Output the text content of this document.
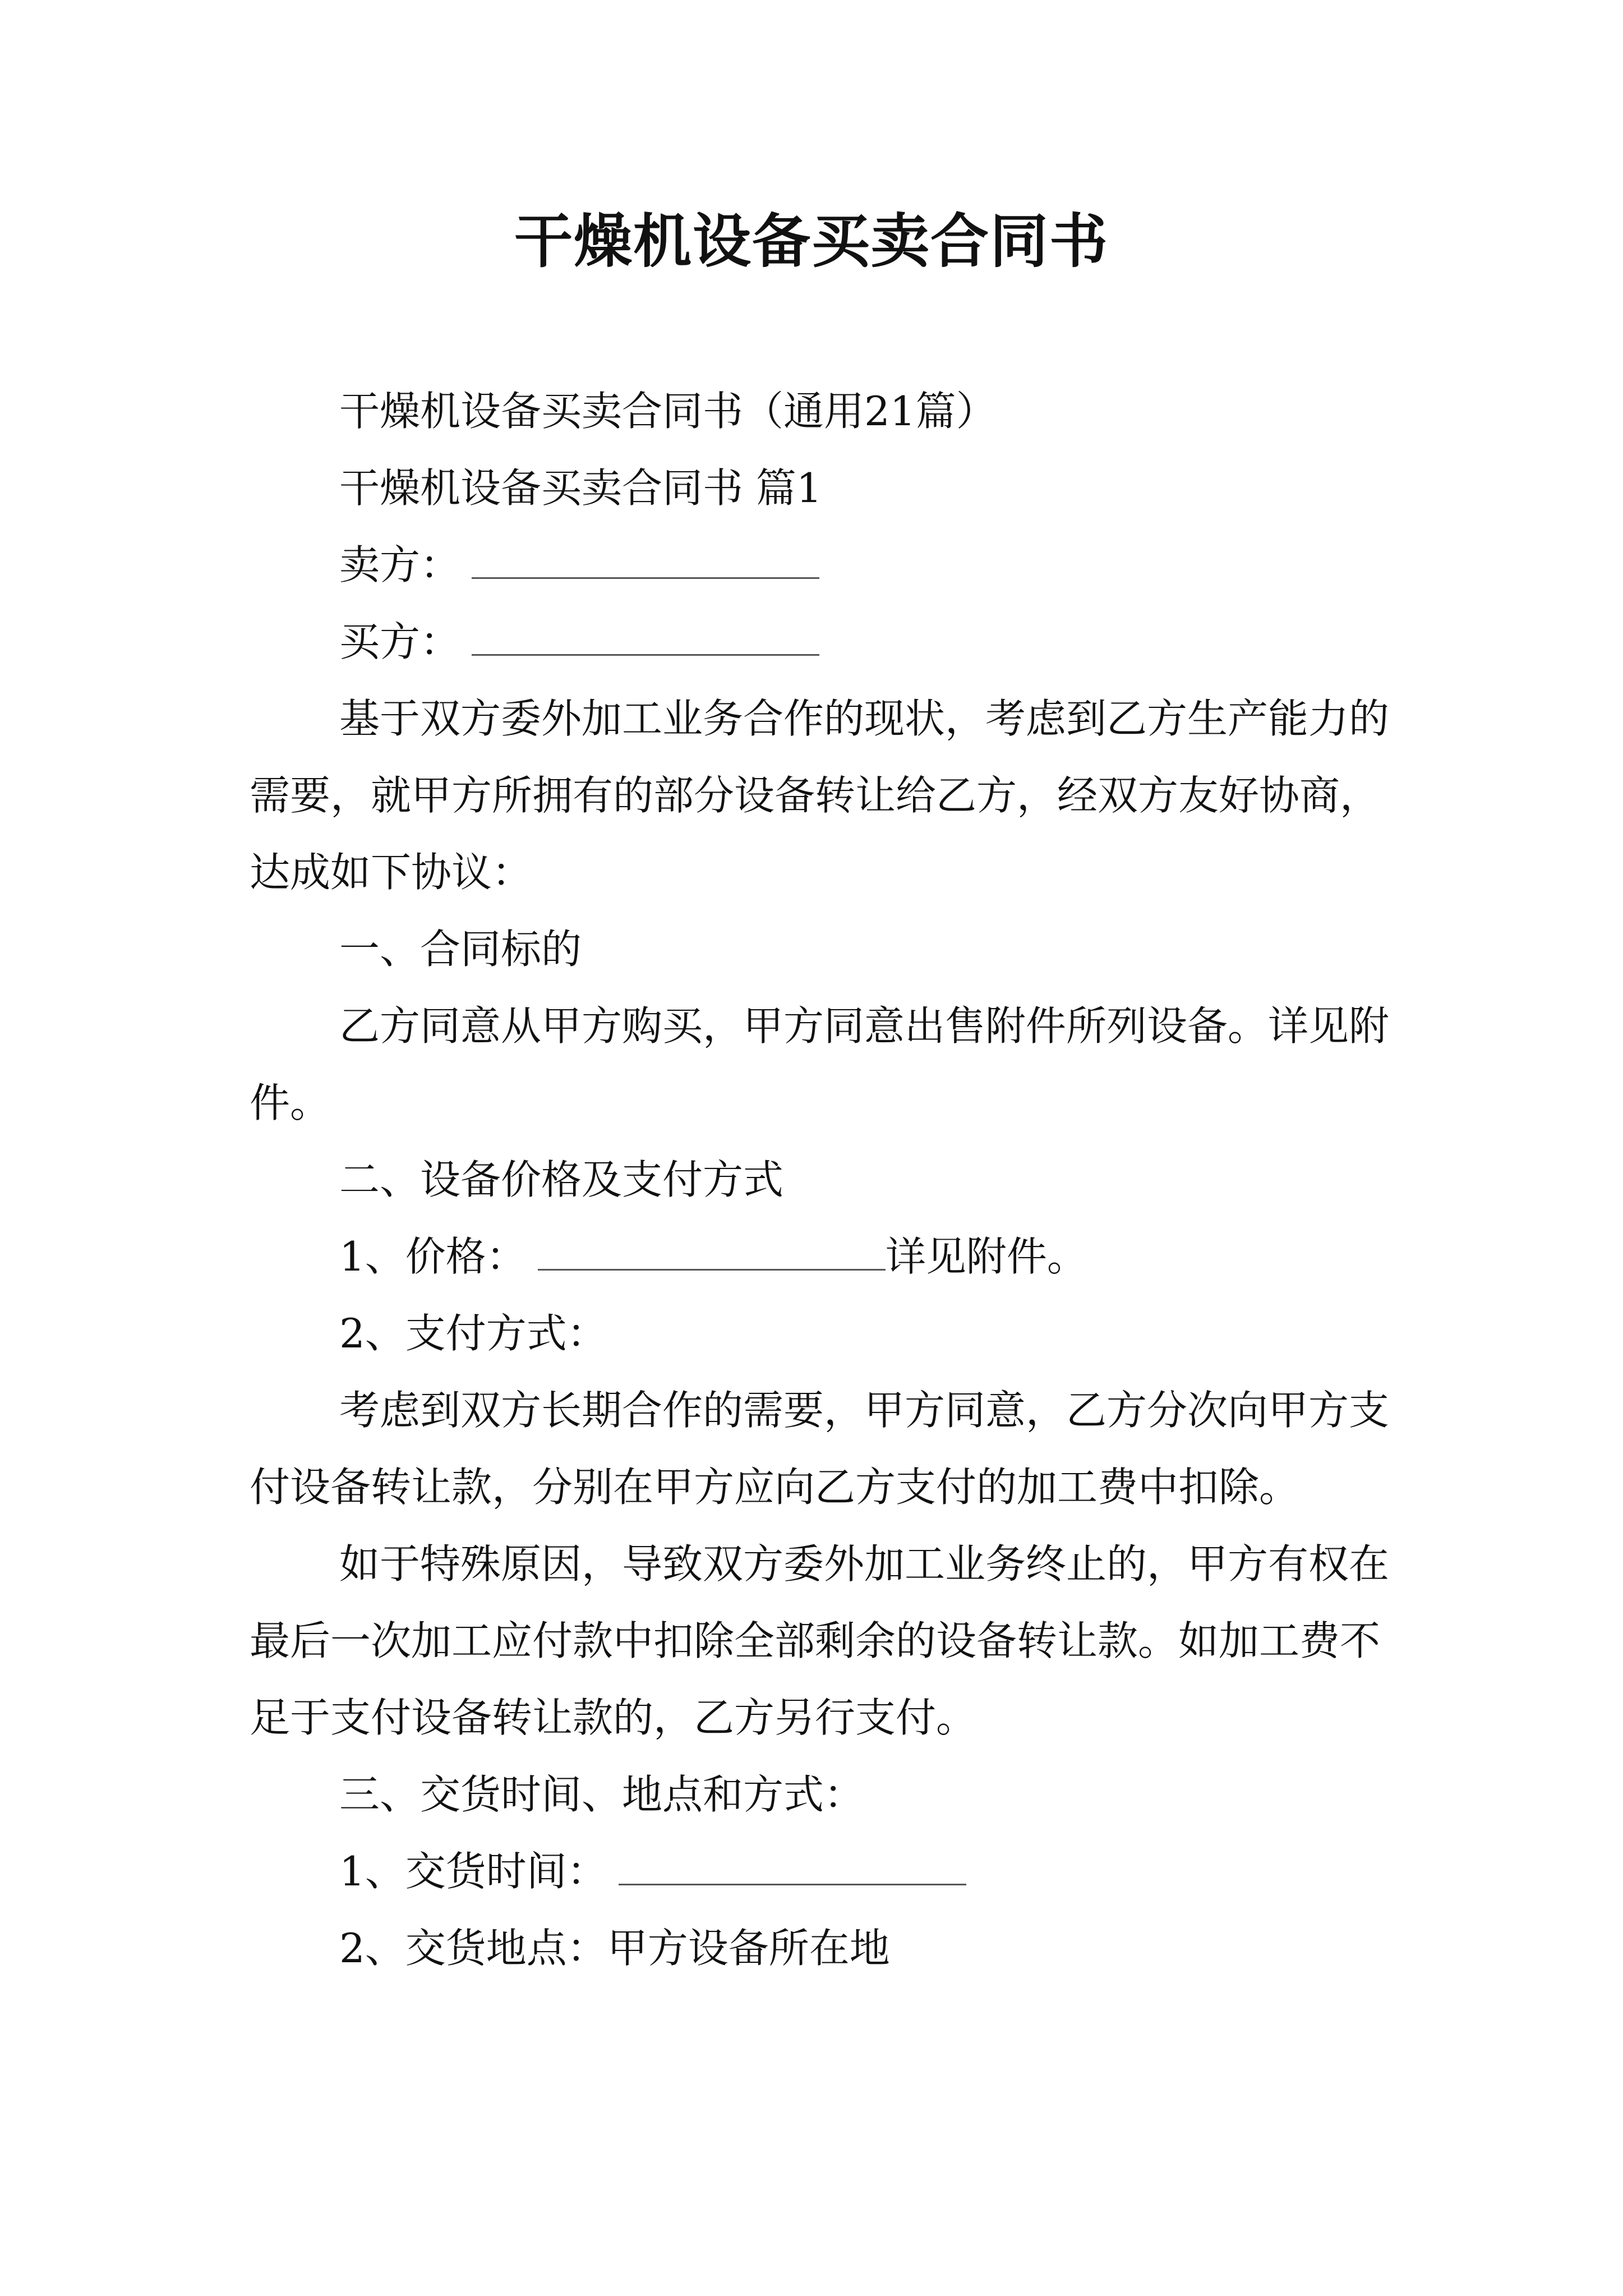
干燥机设备买卖合同书

干燥机设备买卖合同书（通用21篇）

干燥机设备买卖合同书 篇1

卖方：

买方：

基于双方委外加工业务合作的现状，考虑到乙方生产能力的需要，就甲方所拥有的部分设备转让给乙方，经双方友好协商，达成如下协议：

一、合同标的

乙方同意从甲方购买，甲方同意出售附件所列设备。详见附件。

二、设备价格及支付方式

1、价格：	详见附件。

2、支付方式：

考虑到双方长期合作的需要，甲方同意，乙方分次向甲方支付设备转让款，分别在甲方应向乙方支付的加工费中扣除。

如于特殊原因，导致双方委外加工业务终止的，甲方有权在最后一次加工应付款中扣除全部剩余的设备转让款。如加工费不足于支付设备转让款的，乙方另行支付。

三、交货时间、地点和方式：

1、交货时间：

2、交货地点：甲方设备所在地
